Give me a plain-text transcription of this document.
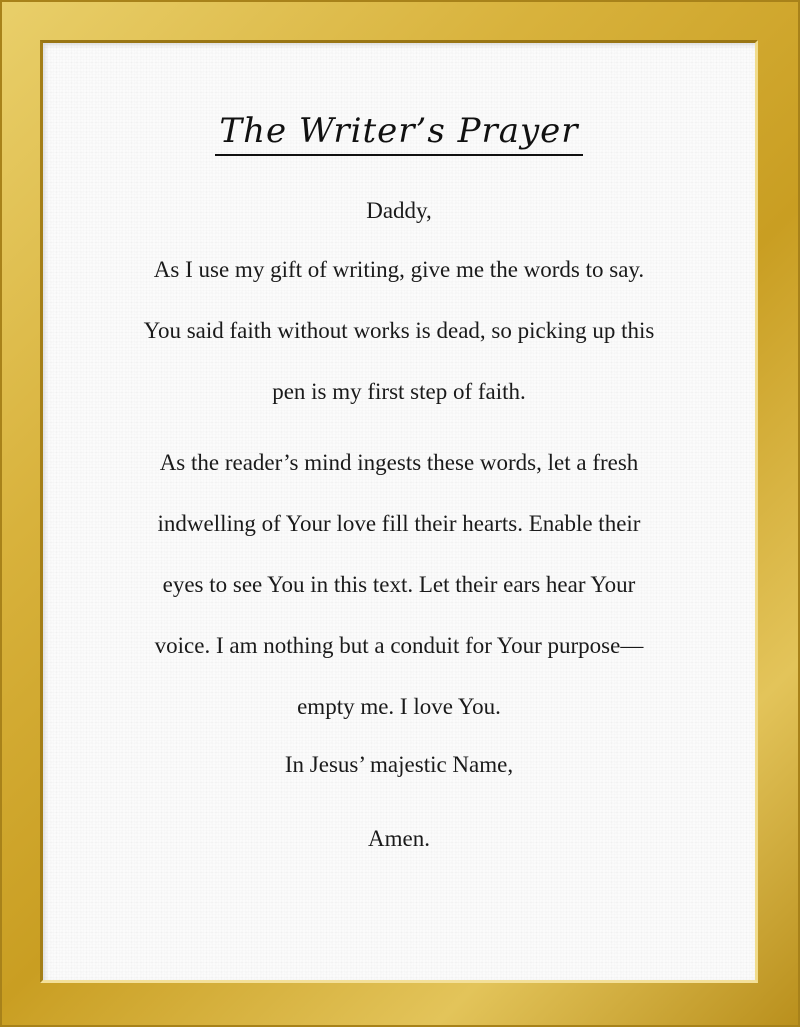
The Writer’s Prayer
Daddy,
As I use my gift of writing, give me the words to say.
You said faith without works is dead, so picking up this
pen is my first step of faith.
As the reader’s mind ingests these words, let a fresh
indwelling of Your love fill their hearts. Enable their
eyes to see You in this text. Let their ears hear Your
voice. I am nothing but a conduit for Your purpose—
empty me. I love You.
In Jesus’ majestic Name,
Amen.
